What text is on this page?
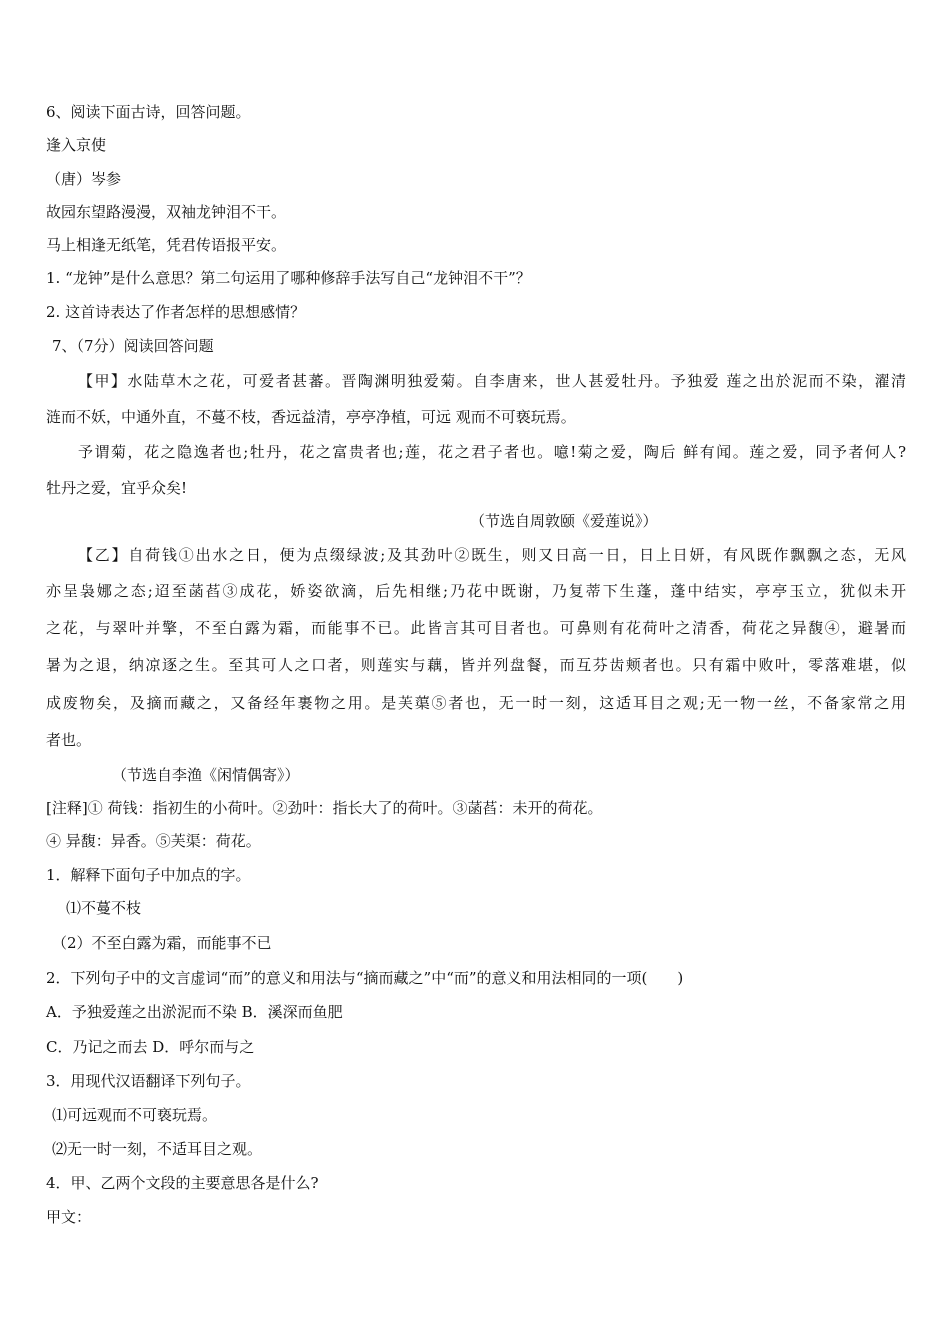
6、阅读下面古诗，回答问题。
逢入京使
（唐）岑参
故园东望路漫漫，双袖龙钟泪不干。
马上相逢无纸笔，凭君传语报平安。
1. “龙钟”是什么意思？第二句运用了哪种修辞手法写自己“龙钟泪不干”？
2. 这首诗表达了作者怎样的思想感情？
7、（7分）阅读回答问题
【甲】水陆草木之花，可爱者甚蕃。晋陶渊明独爱菊。自李唐来，世人甚爱牡丹。予独爱 莲之出於泥而不染，濯清
涟而不妖，中通外直，不蔓不枝，香远益清，亭亭净植，可远 观而不可亵玩焉。
予谓菊，花之隐逸者也;牡丹，花之富贵者也;莲，花之君子者也。噫!菊之爱，陶后 鲜有闻。莲之爱，同予者何人?
牡丹之爱，宜乎众矣!
（节选自周敦颐《爱莲说》）
【乙】自荷钱①出水之日，便为点缀绿波;及其劲叶②既生，则又日高一日，日上日妍，有风既作飘飘之态，无风
亦呈袅娜之态;迢至菡萏③成花，娇姿欲滴，后先相继;乃花中既谢，乃复蒂下生蓬，蓬中结实，亭亭玉立，犹似未开
之花，与翠叶并擎，不至白露为霜，而能事不已。此皆言其可目者也。可鼻则有花荷叶之清香，荷花之异馥④，避暑而
暑为之退，纳凉逐之生。至其可人之口者，则莲实与藕，皆并列盘餐，而互芬齿颊者也。只有霜中败叶，零落难堪，似
成废物矣，及摘而藏之，又备经年裹物之用。是芙蕖⑤者也，无一时一刻，这适耳目之观;无一物一丝，不备家常之用
者也。
（节选自李渔《闲情偶寄》）
[注释]① 荷钱：指初生的小荷叶。②劲叶：指长大了的荷叶。③菡萏：未开的荷花。
④ 异馥：异香。⑤芙渠：荷花。
1．解释下面句子中加点的字。
⑴不蔓不枝
（2）不至白露为霜，而能事不已
2．下列句子中的文言虚词“而”的意义和用法与“摘而藏之”中“而”的意义和用法相同的一项(　　)
A．予独爱莲之出淤泥而不染 B．溪深而鱼肥
C．乃记之而去 D．呼尔而与之
3．用现代汉语翻译下列句子。
⑴可远观而不可亵玩焉。
⑵无一时一刻，不适耳目之观。
4．甲、乙两个文段的主要意思各是什么?
甲文：
